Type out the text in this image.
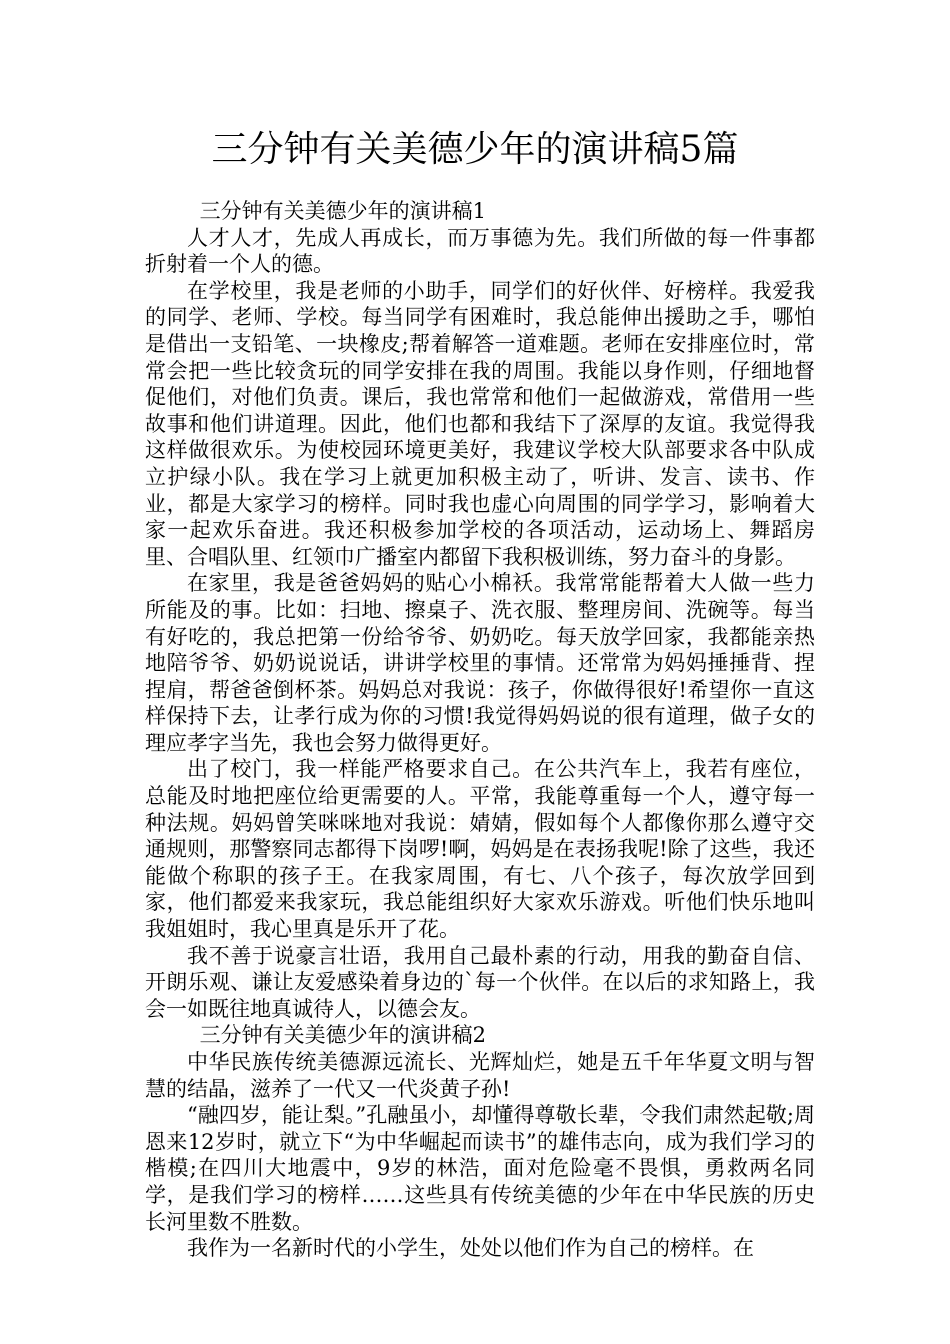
三分钟有关美德少年的演讲稿5篇

三分钟有关美德少年的演讲稿1

人才人才，先成人再成长，而万事德为先。我们所做的每一件事都折射着一个人的德。

在学校里，我是老师的小助手，同学们的好伙伴、好榜样。我爱我的同学、老师、学校。每当同学有困难时，我总能伸出援助之手，哪怕是借出一支铅笔、一块橡皮;帮着解答一道难题。老师在安排座位时，常常会把一些比较贪玩的同学安排在我的周围。我能以身作则，仔细地督促他们，对他们负责。课后，我也常常和他们一起做游戏，常借用一些故事和他们讲道理。因此，他们也都和我结下了深厚的友谊。我觉得我这样做很欢乐。为使校园环境更美好，我建议学校大队部要求各中队成立护绿小队。我在学习上就更加积极主动了，听讲、发言、读书、作业，都是大家学习的榜样。同时我也虚心向周围的同学学习，影响着大家一起欢乐奋进。我还积极参加学校的各项活动，运动场上、舞蹈房里、合唱队里、红领巾广播室内都留下我积极训练，努力奋斗的身影。

在家里，我是爸爸妈妈的贴心小棉袄。我常常能帮着大人做一些力所能及的事。比如：扫地、擦桌子、洗衣服、整理房间、洗碗等。每当有好吃的，我总把第一份给爷爷、奶奶吃。每天放学回家，我都能亲热地陪爷爷、奶奶说说话，讲讲学校里的事情。还常常为妈妈捶捶背、捏捏肩，帮爸爸倒杯茶。妈妈总对我说：孩子，你做得很好!希望你一直这样保持下去，让孝行成为你的习惯!我觉得妈妈说的很有道理，做子女的理应孝字当先，我也会努力做得更好。

出了校门，我一样能严格要求自己。在公共汽车上，我若有座位，总能及时地把座位给更需要的人。平常，我能尊重每一个人，遵守每一种法规。妈妈曾笑咪咪地对我说：婧婧，假如每个人都像你那么遵守交通规则，那警察同志都得下岗啰!啊，妈妈是在表扬我呢!除了这些，我还能做个称职的孩子王。在我家周围，有七、八个孩子，每次放学回到家，他们都爱来我家玩，我总能组织好大家欢乐游戏。听他们快乐地叫我姐姐时，我心里真是乐开了花。

我不善于说豪言壮语，我用自己最朴素的行动，用我的勤奋自信、开朗乐观、谦让友爱感染着身边的`每一个伙伴。在以后的求知路上，我会一如既往地真诚待人，以德会友。

三分钟有关美德少年的演讲稿2

中华民族传统美德源远流长、光辉灿烂，她是五千年华夏文明与智慧的结晶，滋养了一代又一代炎黄子孙!

“融四岁，能让梨。”孔融虽小，却懂得尊敬长辈，令我们肃然起敬;周恩来12岁时，就立下“为中华崛起而读书”的雄伟志向，成为我们学习的楷模;在四川大地震中，9岁的林浩，面对危险毫不畏惧，勇救两名同学，是我们学习的榜样……这些具有传统美德的少年在中华民族的历史长河里数不胜数。

我作为一名新时代的小学生，处处以他们作为自己的榜样。在
